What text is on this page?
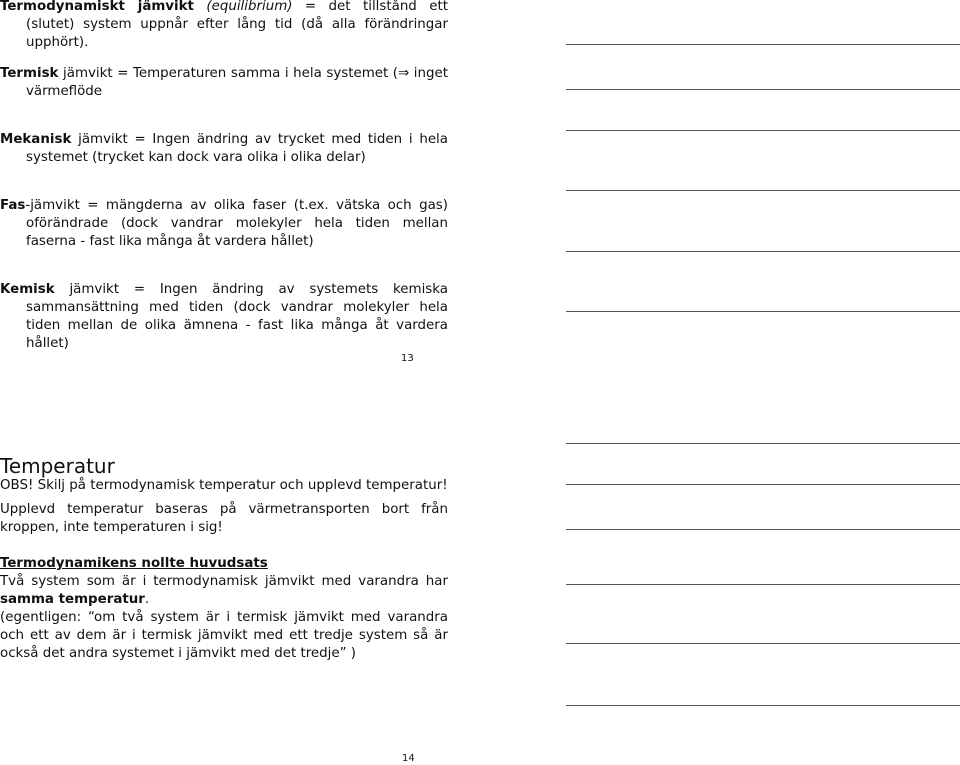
Termodynamiskt jämvikt (equilibrium) = det tillstånd ett (slutet) system uppnår efter lång tid (då alla förändringar upphört).

Termisk jämvikt = Temperaturen samma i hela systemet (⇒ inget värmeflöde

Mekanisk jämvikt = Ingen ändring av trycket med tiden i hela systemet (trycket kan dock vara olika i olika delar)

Fas-jämvikt = mängderna av olika faser (t.ex. vätska och gas) oförändrade (dock vandrar molekyler hela tiden mellan faserna - fast lika många åt vardera hållet)

Kemisk jämvikt = Ingen ändring av systemets kemiska sammansättning med tiden (dock vandrar molekyler hela tiden mellan de olika ämnena - fast lika många åt vardera hållet)

13

Temperatur

OBS! Skilj på termodynamisk temperatur och upplevd temperatur!

Upplevd temperatur baseras på värmetransporten bort från kroppen, inte temperaturen i sig!

Termodynamikens nollte huvudsats

Två system som är i termodynamisk jämvikt med varandra har samma temperatur.

(egentligen: “om två system är i termisk jämvikt med varandra och ett av dem är i termisk jämvikt med ett tredje system så är också det andra systemet i jämvikt med det tredje” )

14
